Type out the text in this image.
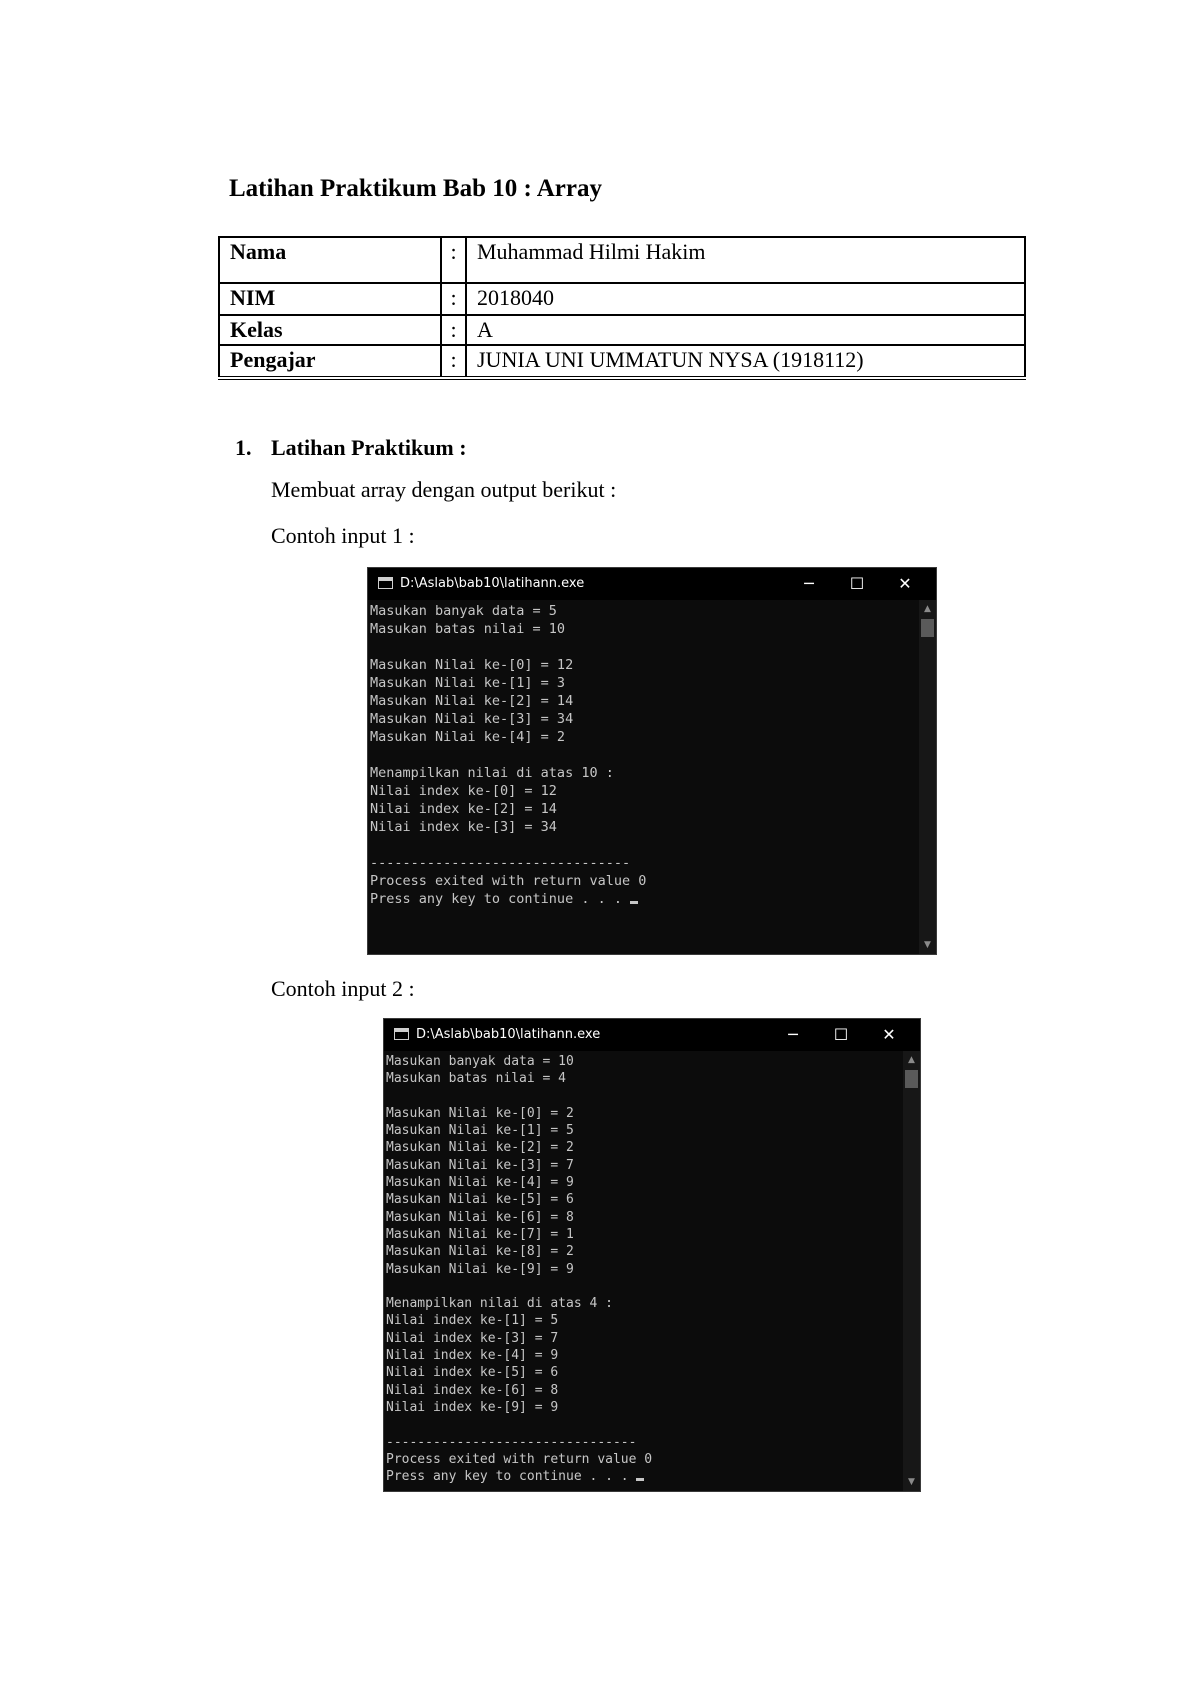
Latihan Praktikum Bab 10 : Array
Nama	:	Muhammad Hilmi Hakim
NIM	:	2018040
Kelas	:	A
Pengajar	:	JUNIA UNI UMMATUN NYSA (1918112)
1. Latihan Praktikum :
Membuat array dengan output berikut :
Contoh input 1 :
D:\Aslab\bab10\latihann.exe	─	☐	✕
Masukan banyak data = 5
Masukan batas nilai = 10
Masukan Nilai ke-[0] = 12
Masukan Nilai ke-[1] = 3
Masukan Nilai ke-[2] = 14
Masukan Nilai ke-[3] = 34
Masukan Nilai ke-[4] = 2
Menampilkan nilai di atas 10 :
Nilai index ke-[0] = 12
Nilai index ke-[2] = 14
Nilai index ke-[3] = 34
--------------------------------
Process exited with return value 0
Press any key to continue . . .
▲
▼
Contoh input 2 :
D:\Aslab\bab10\latihann.exe	─	☐	✕
Masukan banyak data = 10
Masukan batas nilai = 4
Masukan Nilai ke-[0] = 2
Masukan Nilai ke-[1] = 5
Masukan Nilai ke-[2] = 2
Masukan Nilai ke-[3] = 7
Masukan Nilai ke-[4] = 9
Masukan Nilai ke-[5] = 6
Masukan Nilai ke-[6] = 8
Masukan Nilai ke-[7] = 1
Masukan Nilai ke-[8] = 2
Masukan Nilai ke-[9] = 9
Menampilkan nilai di atas 4 :
Nilai index ke-[1] = 5
Nilai index ke-[3] = 7
Nilai index ke-[4] = 9
Nilai index ke-[5] = 6
Nilai index ke-[6] = 8
Nilai index ke-[9] = 9
--------------------------------
Process exited with return value 0
Press any key to continue . . .
▲
▼
